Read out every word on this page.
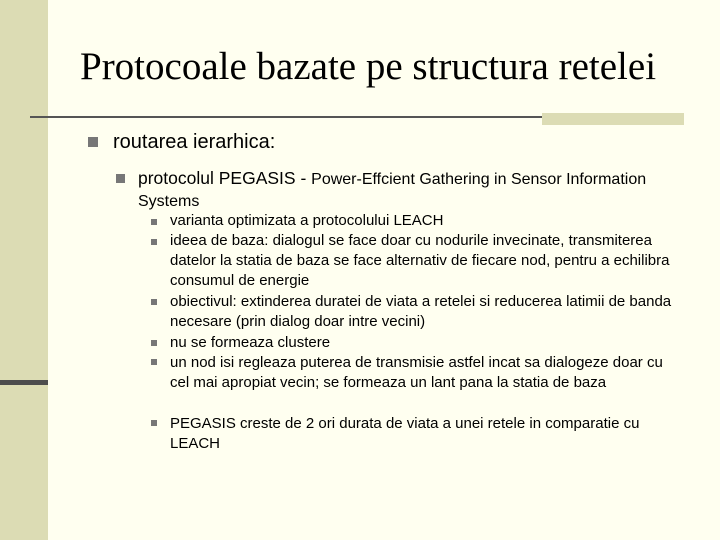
Protocoale bazate pe structura retelei
routarea ierarhica:
protocolul PEGASIS - Power-Effcient Gathering in Sensor Information Systems
varianta optimizata a protocolului LEACH
ideea de baza: dialogul se face doar cu nodurile invecinate, transmiterea datelor la statia de baza se face alternativ de fiecare nod, pentru a echilibra consumul de energie
obiectivul: extinderea duratei de viata a retelei si reducerea latimii de banda necesare (prin dialog doar intre vecini)
nu se formeaza clustere
un nod isi regleaza puterea de transmisie astfel incat sa dialogeze doar cu cel mai apropiat vecin; se formeaza un lant pana la statia de baza
PEGASIS creste de 2 ori durata de viata a unei retele in comparatie cu LEACH
